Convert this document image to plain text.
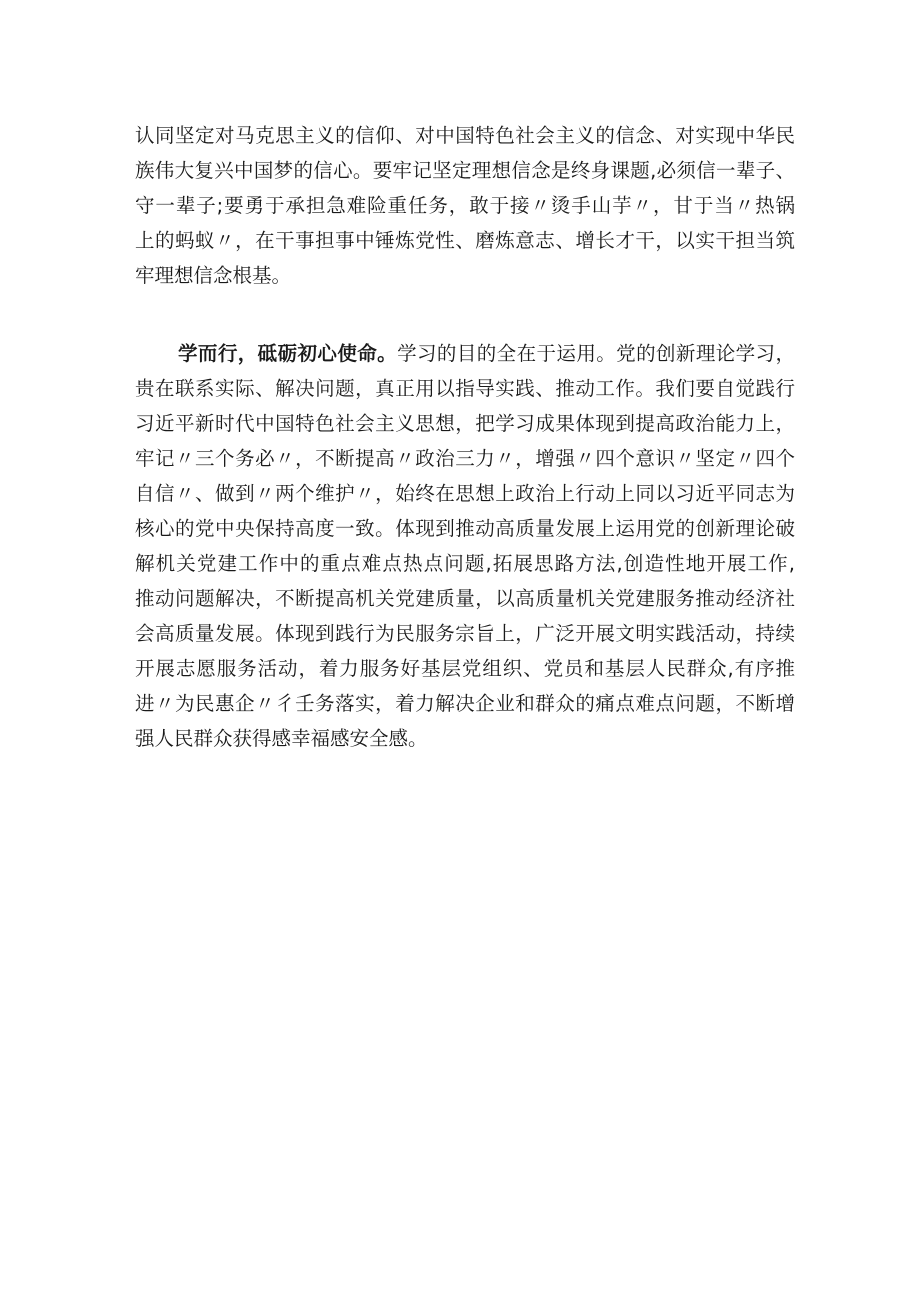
认同坚定对马克思主义的信仰、对中国特色社会主义的信念、对实现中华民
族伟大复兴中国梦的信心。要牢记坚定理想信念是终身课题,必须信一辈子、
守一辈子;要勇于承担急难险重任务，敢于接〃烫手山芋〃，甘于当〃热锅
上的蚂蚁〃，在干事担事中锤炼党性、磨炼意志、增长才干，以实干担当筑
牢理想信念根基。
学而行，砥砺初心使命。学习的目的全在于运用。党的创新理论学习，
贵在联系实际、解决问题，真正用以指导实践、推动工作。我们要自觉践行
习近平新时代中国特色社会主义思想，把学习成果体现到提高政治能力上，
牢记〃三个务必〃，不断提高〃政治三力〃，增强〃四个意识〃坚定〃四个
自信〃、做到〃两个维护〃，始终在思想上政治上行动上同以习近平同志为
核心的党中央保持高度一致。体现到推动高质量发展上运用党的创新理论破
解机关党建工作中的重点难点热点问题,拓展思路方法,创造性地开展工作,
推动问题解决，不断提高机关党建质量，以高质量机关党建服务推动经济社
会高质量发展。体现到践行为民服务宗旨上，广泛开展文明实践活动，持续
开展志愿服务活动，着力服务好基层党组织、党员和基层人民群众,有序推
进〃为民惠企〃彳壬务落实，着力解决企业和群众的痛点难点问题，不断增
强人民群众获得感幸福感安全感。
